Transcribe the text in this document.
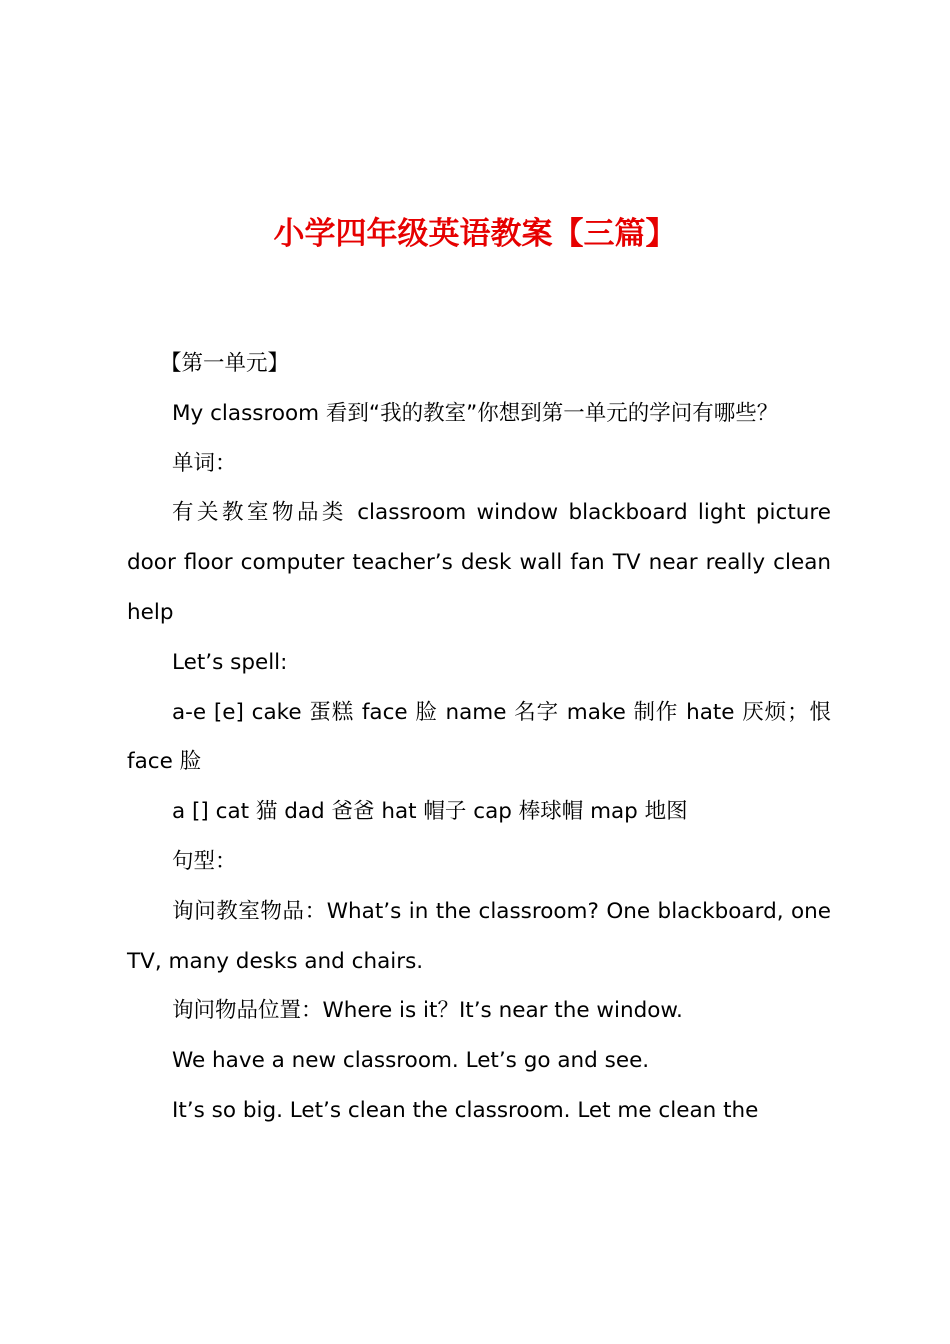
小学四年级英语教案【三篇】

【第一单元】

My classroom 看到“我的教室”你想到第一单元的学问有哪些？

单词：

有关教室物品类 classroom window blackboard light picture door floor computer teacher’s desk wall fan TV near really clean help

Let’s spell:

a-e [e] cake 蛋糕 face 脸 name 名字 make 制作 hate 厌烦；恨 face 脸

a [] cat 猫 dad 爸爸 hat 帽子 cap 棒球帽 map 地图

句型：

询问教室物品：What’s in the classroom? One blackboard, one TV, many desks and chairs.

询问物品位置：Where is it？It’s near the window.

We have a new classroom. Let’s go and see.

It’s so big. Let’s clean the classroom. Let me clean the
